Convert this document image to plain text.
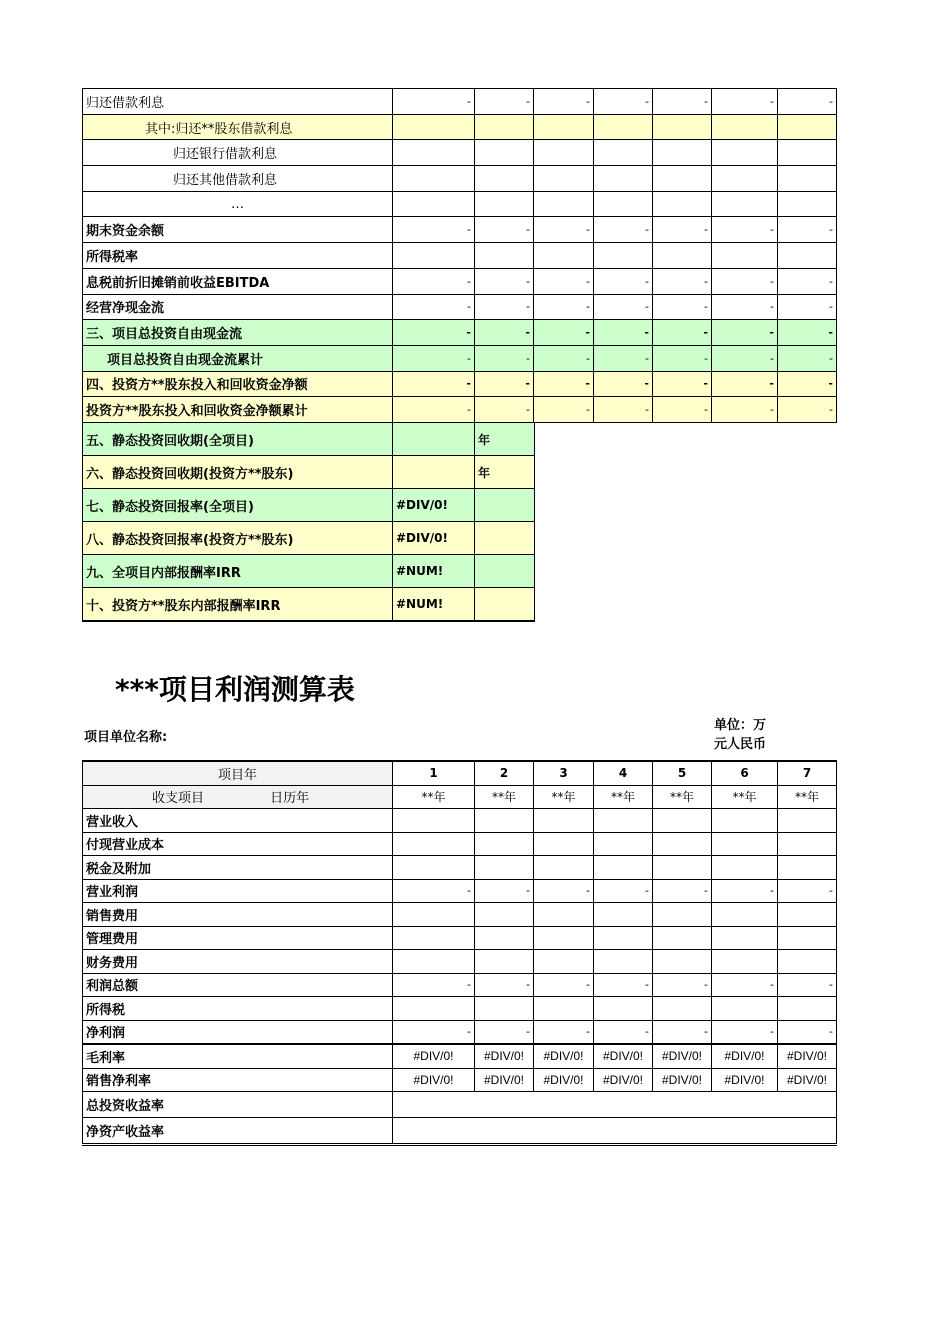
归还借款利息	-	-	-	-	-	-	-
其中:归还**股东借款利息							
归还银行借款利息							
归还其他借款利息							
…							
期末资金余额	-	-	-	-	-	-	-
所得税率							
息税前折旧摊销前收益EBITDA	-	-	-	-	-	-	-
经营净现金流	-	-	-	-	-	-	-
三、项目总投资自由现金流	-	-	-	-	-	-	-
项目总投资自由现金流累计	-	-	-	-	-	-	-
四、投资方**股东投入和回收资金净额	-	-	-	-	-	-	-
投资方**股东投入和回收资金净额累计	-	-	-	-	-	-	-
五、静态投资回收期(全项目)		年
六、静态投资回收期(投资方**股东)		年
七、静态投资回报率(全项目)	#DIV/0!	
八、静态投资回报率(投资方**股东)	#DIV/0!	
九、全项目内部报酬率IRR	#NUM!	
十、投资方**股东内部报酬率IRR	#NUM!	
***项目利润测算表
项目单位名称:
单位：万
元人民币
项目年	1	2	3	4	5	6	7
收支项目 日历年	**年	**年	**年	**年	**年	**年	**年
营业收入							
付现营业成本							
税金及附加							
营业利润	-	-	-	-	-	-	-
销售费用							
管理费用							
财务费用							
利润总额	-	-	-	-	-	-	-
所得税							
净利润	-	-	-	-	-	-	-
毛利率	#DIV/0!	#DIV/0!	#DIV/0!	#DIV/0!	#DIV/0!	#DIV/0!	#DIV/0!
销售净利率	#DIV/0!	#DIV/0!	#DIV/0!	#DIV/0!	#DIV/0!	#DIV/0!	#DIV/0!
总投资收益率							
净资产收益率							
